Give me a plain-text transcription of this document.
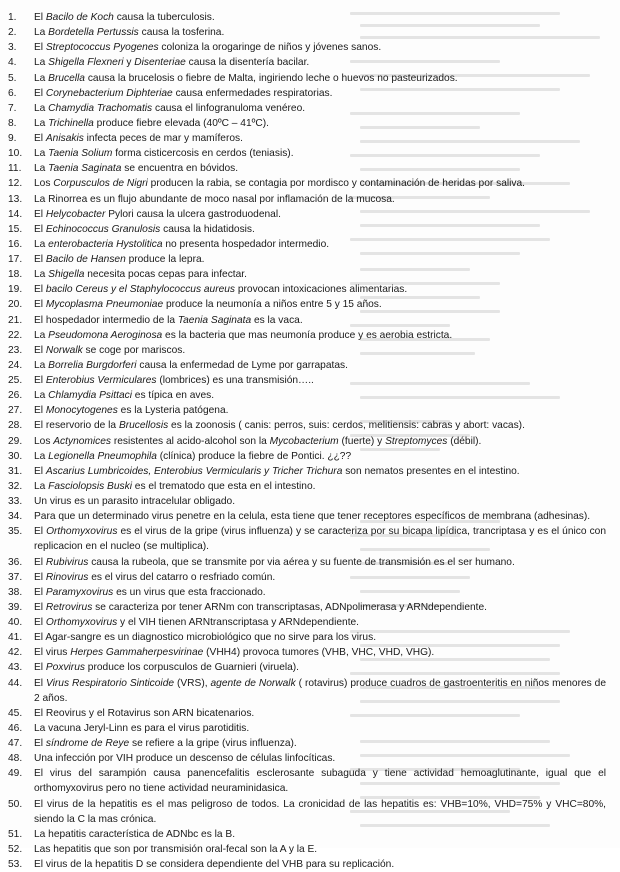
1.	El Bacilo de Koch causa la tuberculosis.
2.	La Bordetella Pertussis causa la tosferina.
3.	El Streptococcus Pyogenes coloniza la orogaringe de niños y jóvenes sanos.
4.	La Shigella Flexneri y Disenteriae causa la disentería bacilar.
5.	La Brucella causa la brucelosis o fiebre de Malta, ingiriendo leche o huevos no pasteurizados.
6.	El Corynebacterium Diphteriae causa enfermedades respiratorias.
7.	La Chamydia Trachomatis causa el linfogranuloma venéreo.
8.	La Trichinella produce fiebre elevada (40ºC – 41ºC).
9.	El Anisakis infecta peces de mar y mamíferos.
10.	La Taenia Solium forma cisticercosis en cerdos (teniasis).
11.	La Taenia Saginata se encuentra en bóvidos.
12.	Los Corpusculos de Nigri producen la rabia, se contagia por mordisco y contaminación de heridas por saliva.
13.	La Rinorrea es un flujo abundante de moco nasal por inflamación de la mucosa.
14.	El Helycobacter Pylori causa la ulcera gastroduodenal.
15.	El Echinococcus Granulosis causa la hidatidosis.
16.	La enterobacteria Hystolitica no presenta hospedador intermedio.
17.	El Bacilo de Hansen produce la lepra.
18.	La Shigella necesita pocas cepas para infectar.
19.	El bacilo Cereus y el Staphylococcus aureus provocan intoxicaciones alimentarias.
20.	El Mycoplasma Pneumoniae produce la neumonía a niños entre 5 y 15 años.
21.	El hospedador intermedio de la Taenia Saginata es la vaca.
22.	La Pseudomona Aeroginosa es la bacteria que mas neumonía produce y es aerobia estricta.
23.	El Norwalk se coge por mariscos.
24.	La Borrelia Burgdorferi causa la enfermedad de Lyme por garrapatas.
25.	El Enterobius Vermiculares (lombrices) es una transmisión…..
26.	La Chlamydia Psittaci es típica en aves.
27.	El Monocytogenes es la Lysteria patógena.
28.	El reservorio de la Brucellosis es la zoonosis ( canis: perros, suis: cerdos, melitiensis: cabras y abort: vacas).
29.	Los Actynomices resistentes al acido-alcohol son la Mycobacterium (fuerte) y Streptomyces (débil).
30.	La Legionella Pneumophila (clínica) produce la fiebre de Pontici. ¿¿??
31.	El Ascarius Lumbricoides, Enterobius Vermicularis y Tricher Trichura son nematos presentes en el intestino.
32.	La Fasciolopsis Buski es el trematodo que esta en el intestino.
33.	Un virus es un parasito intracelular obligado.
34.	Para que un determinado virus penetre en la celula, esta tiene que tener receptores específicos de membrana (adhesinas).
35.	El Orthomyxovirus es el virus de la gripe (virus influenza) y se caracteriza por su bicapa lipídica, trancriptasa y es el único con replicacion en el nucleo (se multiplica).
36.	El Rubivirus causa la rubeola, que se transmite por via aérea y su fuente de transmisión es el ser humano.
37.	El Rinovirus es el virus del catarro o resfriado común.
38.	El Paramyxovirus es un virus que esta fraccionado.
39.	El Retrovirus se caracteriza por tener ARNm con transcriptasas, ADNpolimerasa y ARNdependiente.
40.	El Orthomyxovirus y el VIH tienen ARNtranscriptasa y ARNdependiente.
41.	El Agar-sangre es un diagnostico microbiológico que no sirve para los virus.
42.	El virus Herpes Gammaherpesvirinae (VHH4) provoca tumores (VHB, VHC, VHD, VHG).
43.	El Poxvirus produce los corpusculos de Guarnieri (viruela).
44.	El Virus Respiratorio Sinticoide (VRS), agente de Norwalk ( rotavirus) produce cuadros de gastroenteritis en niños menores de 2 años.
45.	El Reovirus y el Rotavirus son ARN bicatenarios.
46.	La vacuna Jeryl-Linn es para el virus parotiditis.
47.	El síndrome de Reye se refiere a la gripe (virus influenza).
48.	Una infección por VIH produce un descenso de células linfocíticas.
49.	El virus del sarampión causa panencefalitis esclerosante subaguda y tiene actividad hemoaglutinante, igual que el orthomyxovirus pero no tiene actividad neuraminidasica.
50.	El virus de la hepatitis es el mas peligroso de todos. La cronicidad de las hepatitis es: VHB=10%, VHD=75% y VHC=80%, siendo la C la mas crónica.
51.	La hepatitis característica de ADNbc es la B.
52.	Las hepatitis que son por transmisión oral-fecal son la A y la E.
53.	El virus de la hepatitis D se considera dependiente del VHB para su replicación.
